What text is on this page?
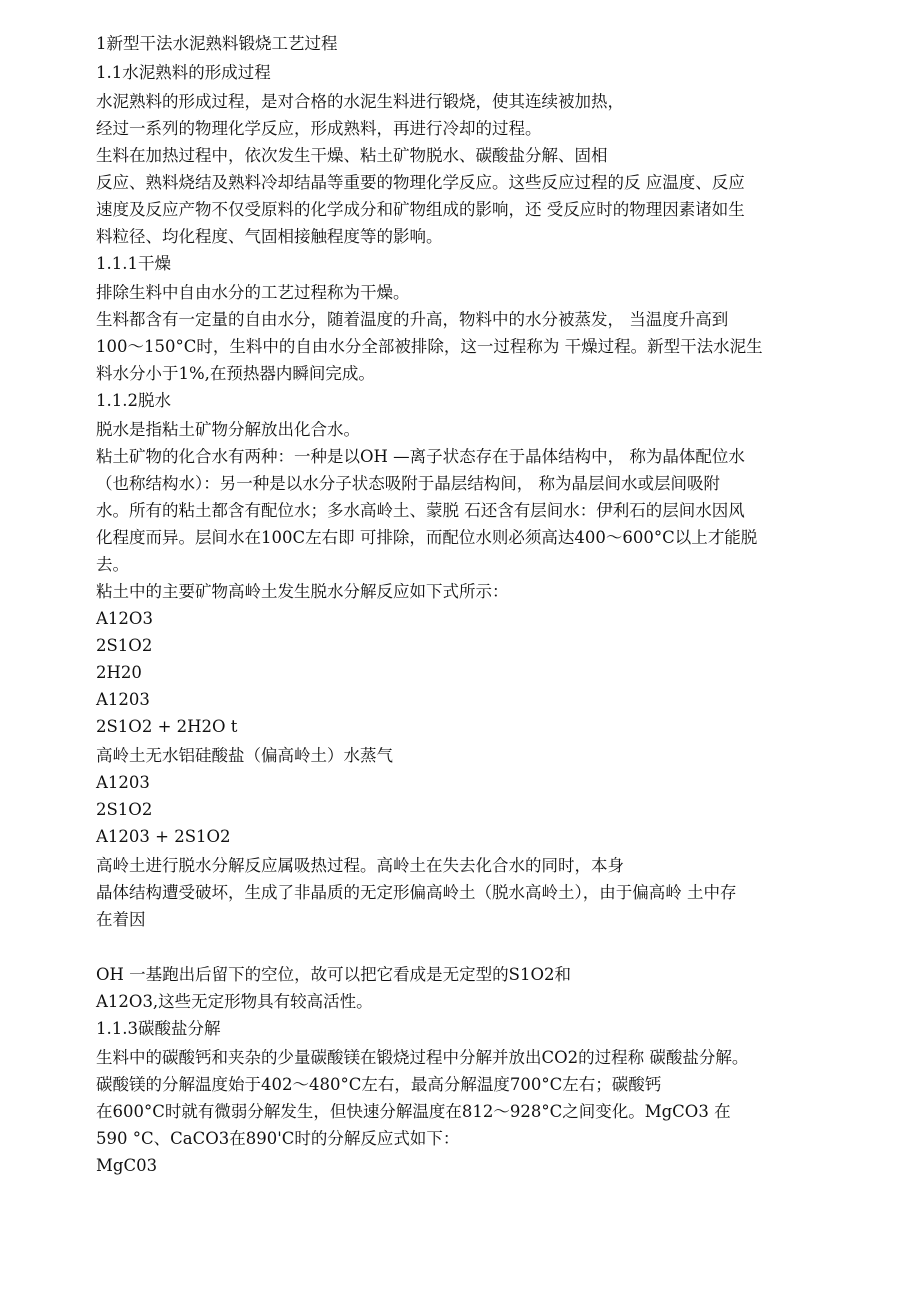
1新型干法水泥熟料锻烧工艺过程

1.1水泥熟料的形成过程

水泥熟料的形成过程，是对合格的水泥生料进行锻烧，使其连续被加热，

经过一系列的物理化学反应，形成熟料，再进行冷却的过程。

生料在加热过程中，依次发生干燥、粘土矿物脱水、碳酸盐分解、固相

反应、熟料烧结及熟料冷却结晶等重要的物理化学反应。这些反应过程的反 应温度、反应

速度及反应产物不仅受原料的化学成分和矿物组成的影响，还 受反应时的物理因素诸如生

料粒径、均化程度、气固相接触程度等的影响。

1.1.1干燥

排除生料中自由水分的工艺过程称为干燥。

生料都含有一定量的自由水分，随着温度的升高，物料中的水分被蒸发， 当温度升高到

100～150°C时，生料中的自由水分全部被排除，这一过程称为 干燥过程。新型干法水泥生

料水分小于1%,在预热器内瞬间完成。

1.1.2脱水

脱水是指粘土矿物分解放出化合水。

粘土矿物的化合水有两种：一种是以OH —离子状态存在于晶体结构中， 称为晶体配位水

（也称结构水）：另一种是以水分子状态吸附于晶层结构间， 称为晶层间水或层间吸附

水。所有的粘土都含有配位水；多水高岭土、蒙脱 石还含有层间水：伊利石的层间水因风

化程度而异。层间水在100C左右即 可排除，而配位水则必须高达400～600°C以上才能脱

去。

粘土中的主要矿物高岭土发生脱水分解反应如下式所示：

A12O3

2S1O2

2H20

A1203

2S1O2 + 2H2O t

高岭土无水铝硅酸盐（偏高岭土）水蒸气

A1203

2S1O2

A1203 + 2S1O2

高岭土进行脱水分解反应属吸热过程。高岭土在失去化合水的同时，本身

晶体结构遭受破坏，生成了非晶质的无定形偏高岭土（脱水高岭土），由于偏高岭 土中存

在着因

OH 一基跑出后留下的空位，故可以把它看成是无定型的S1O2和

A12O3,这些无定形物具有较高活性。

1.1.3碳酸盐分解

生料中的碳酸钙和夹杂的少量碳酸镁在锻烧过程中分解并放出CO2的过程称 碳酸盐分解。

碳酸镁的分解温度始于402～480°C左右，最高分解温度700°C左右；碳酸钙

在600°C时就有微弱分解发生，但快速分解温度在812～928°C之间变化。MgCO3 在

590 °C、CaCO3在890'C时的分解反应式如下：

MgC03
